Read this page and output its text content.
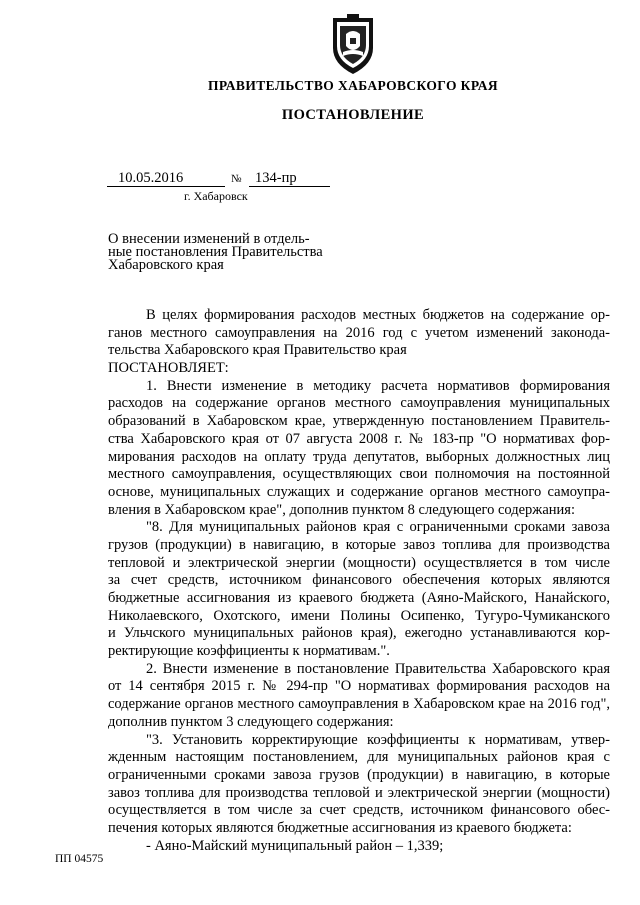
ПРАВИТЕЛЬСТВО ХАБАРОВСКОГО КРАЯ
ПОСТАНОВЛЕНИЕ
10.05.2016	№ 134-пр
г. Хабаровск
О внесении изменений в отдель-
ные постановления Правительства
Хабаровского края
В целях формирования расходов местных бюджетов на содержание ор-
ганов местного самоуправления на 2016 год с учетом изменений законода-
тельства Хабаровского края Правительство края
ПОСТАНОВЛЯЕТ:
1. Внести изменение в методику расчета нормативов формирования
расходов на содержание органов местного самоуправления муниципальных
образований в Хабаровском крае, утвержденную постановлением Правитель-
ства Хабаровского края от 07 августа 2008 г. № 183-пр "О нормативах фор-
мирования расходов на оплату труда депутатов, выборных должностных лиц
местного самоуправления, осуществляющих свои полномочия на постоянной
основе, муниципальных служащих и содержание органов местного самоупра-
вления в Хабаровском крае", дополнив пунктом 8 следующего содержания:
"8. Для муниципальных районов края с ограниченными сроками завоза
грузов (продукции) в навигацию, в которые завоз топлива для производства
тепловой и электрической энергии (мощности) осуществляется в том числе
за счет средств, источником финансового обеспечения которых являются
бюджетные ассигнования из краевого бюджета (Аяно-Майского, Нанайского,
Николаевского, Охотского, имени Полины Осипенко, Тугуро-Чумиканского
и Ульчского муниципальных районов края), ежегодно устанавливаются кор-
ректирующие коэффициенты к нормативам.".
2. Внести изменение в постановление Правительства Хабаровского края
от 14 сентября 2015 г. № 294-пр "О нормативах формирования расходов на
содержание органов местного самоуправления в Хабаровском крае на 2016 год",
дополнив пунктом 3 следующего содержания:
"3. Установить корректирующие коэффициенты к нормативам, утвер-
жденным настоящим постановлением, для муниципальных районов края с
ограниченными сроками завоза грузов (продукции) в навигацию, в которые
завоз топлива для производства тепловой и электрической энергии (мощности)
осуществляется в том числе за счет средств, источником финансового обес-
печения которых являются бюджетные ассигнования из краевого бюджета:
- Аяно-Майский муниципальный район – 1,339;
ПП 04575
